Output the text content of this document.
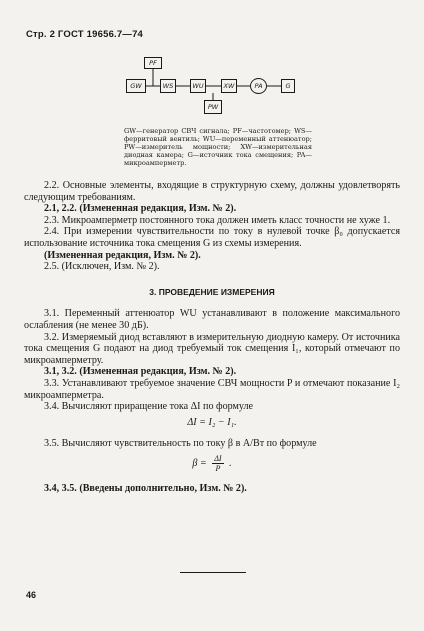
Стр. 2 ГОСТ 19656.7—74
GW
PF
WS	WU	XW
PW
PA	G
GW—генератор СВЧ сигнала; PF—частотомер; WS—ферритовый вентиль; WU—переменный аттенюатор; PW—измеритель мощности; XW—измерительная диодная камера; G—источник тока смещения; PA—микроамперметр.

2.2. Основные элементы, входящие в структурную схему, должны удовлетворять следующим требованиям.

2.1, 2.2. (Измененная редакция, Изм. № 2).

2.3. Микроамперметр постоянного тока должен иметь класс точности не хуже 1.

2.4. При измерении чувствительности по току в нулевой точке β₀ допускается использование источника тока смещения G из схемы измерения.

(Измененная редакция, Изм. № 2).

2.5. (Исключен, Изм. № 2).

3. ПРОВЕДЕНИЕ ИЗМЕРЕНИЯ

3.1. Переменный аттенюатор WU устанавливают в положение максимального ослабления (не менее 30 дБ).

3.2. Измеряемый диод вставляют в измерительную диодную камеру. От источника тока смещения G подают на диод требуемый ток смещения I₁, который отмечают по микроамперметру.

3.1, 3.2. (Измененная редакция, Изм. № 2).

3.3. Устанавливают требуемое значение СВЧ мощности P и отмечают показание I₂ микроамперметра.

3.4. Вычисляют приращение тока ΔI по формуле

ΔI = I₂ − I₁.

3.5. Вычисляют чувствительность по току β в А/Вт по формуле

$\beta = \frac{\Delta I}{P}$ .

3.4, 3.5. (Введены дополнительно, Изм. № 2).

46
